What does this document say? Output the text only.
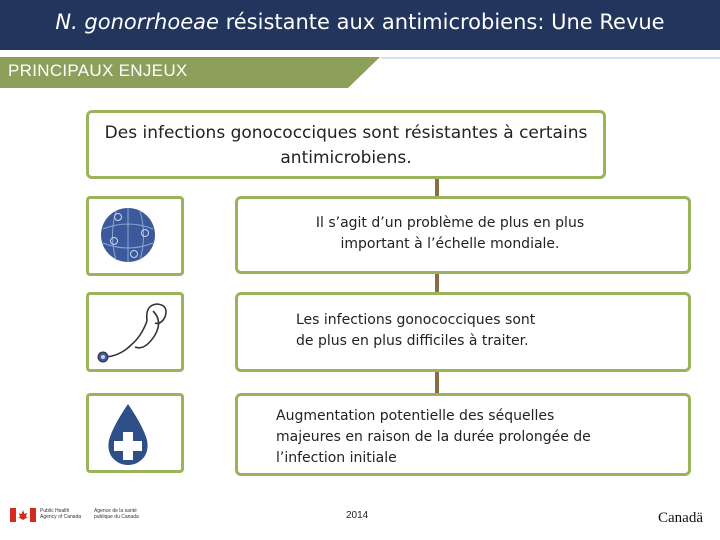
N. gonorrhoeae résistante aux antimicrobiens: Une Revue
PRINCIPAUX ENJEUX
Des infections gonococciques sont résistantes à certains antimicrobiens.
Il s’agit d’un problème de plus en plus important à l’échelle mondiale.
Les infections gonococciques sont de plus en plus difficiles à traiter.
Augmentation potentielle des séquelles majeures en raison de la durée prolongée de l’infection initiale
Public Health Agency of Canada
Agence de la santé publique du Canada	2014	Canadä
